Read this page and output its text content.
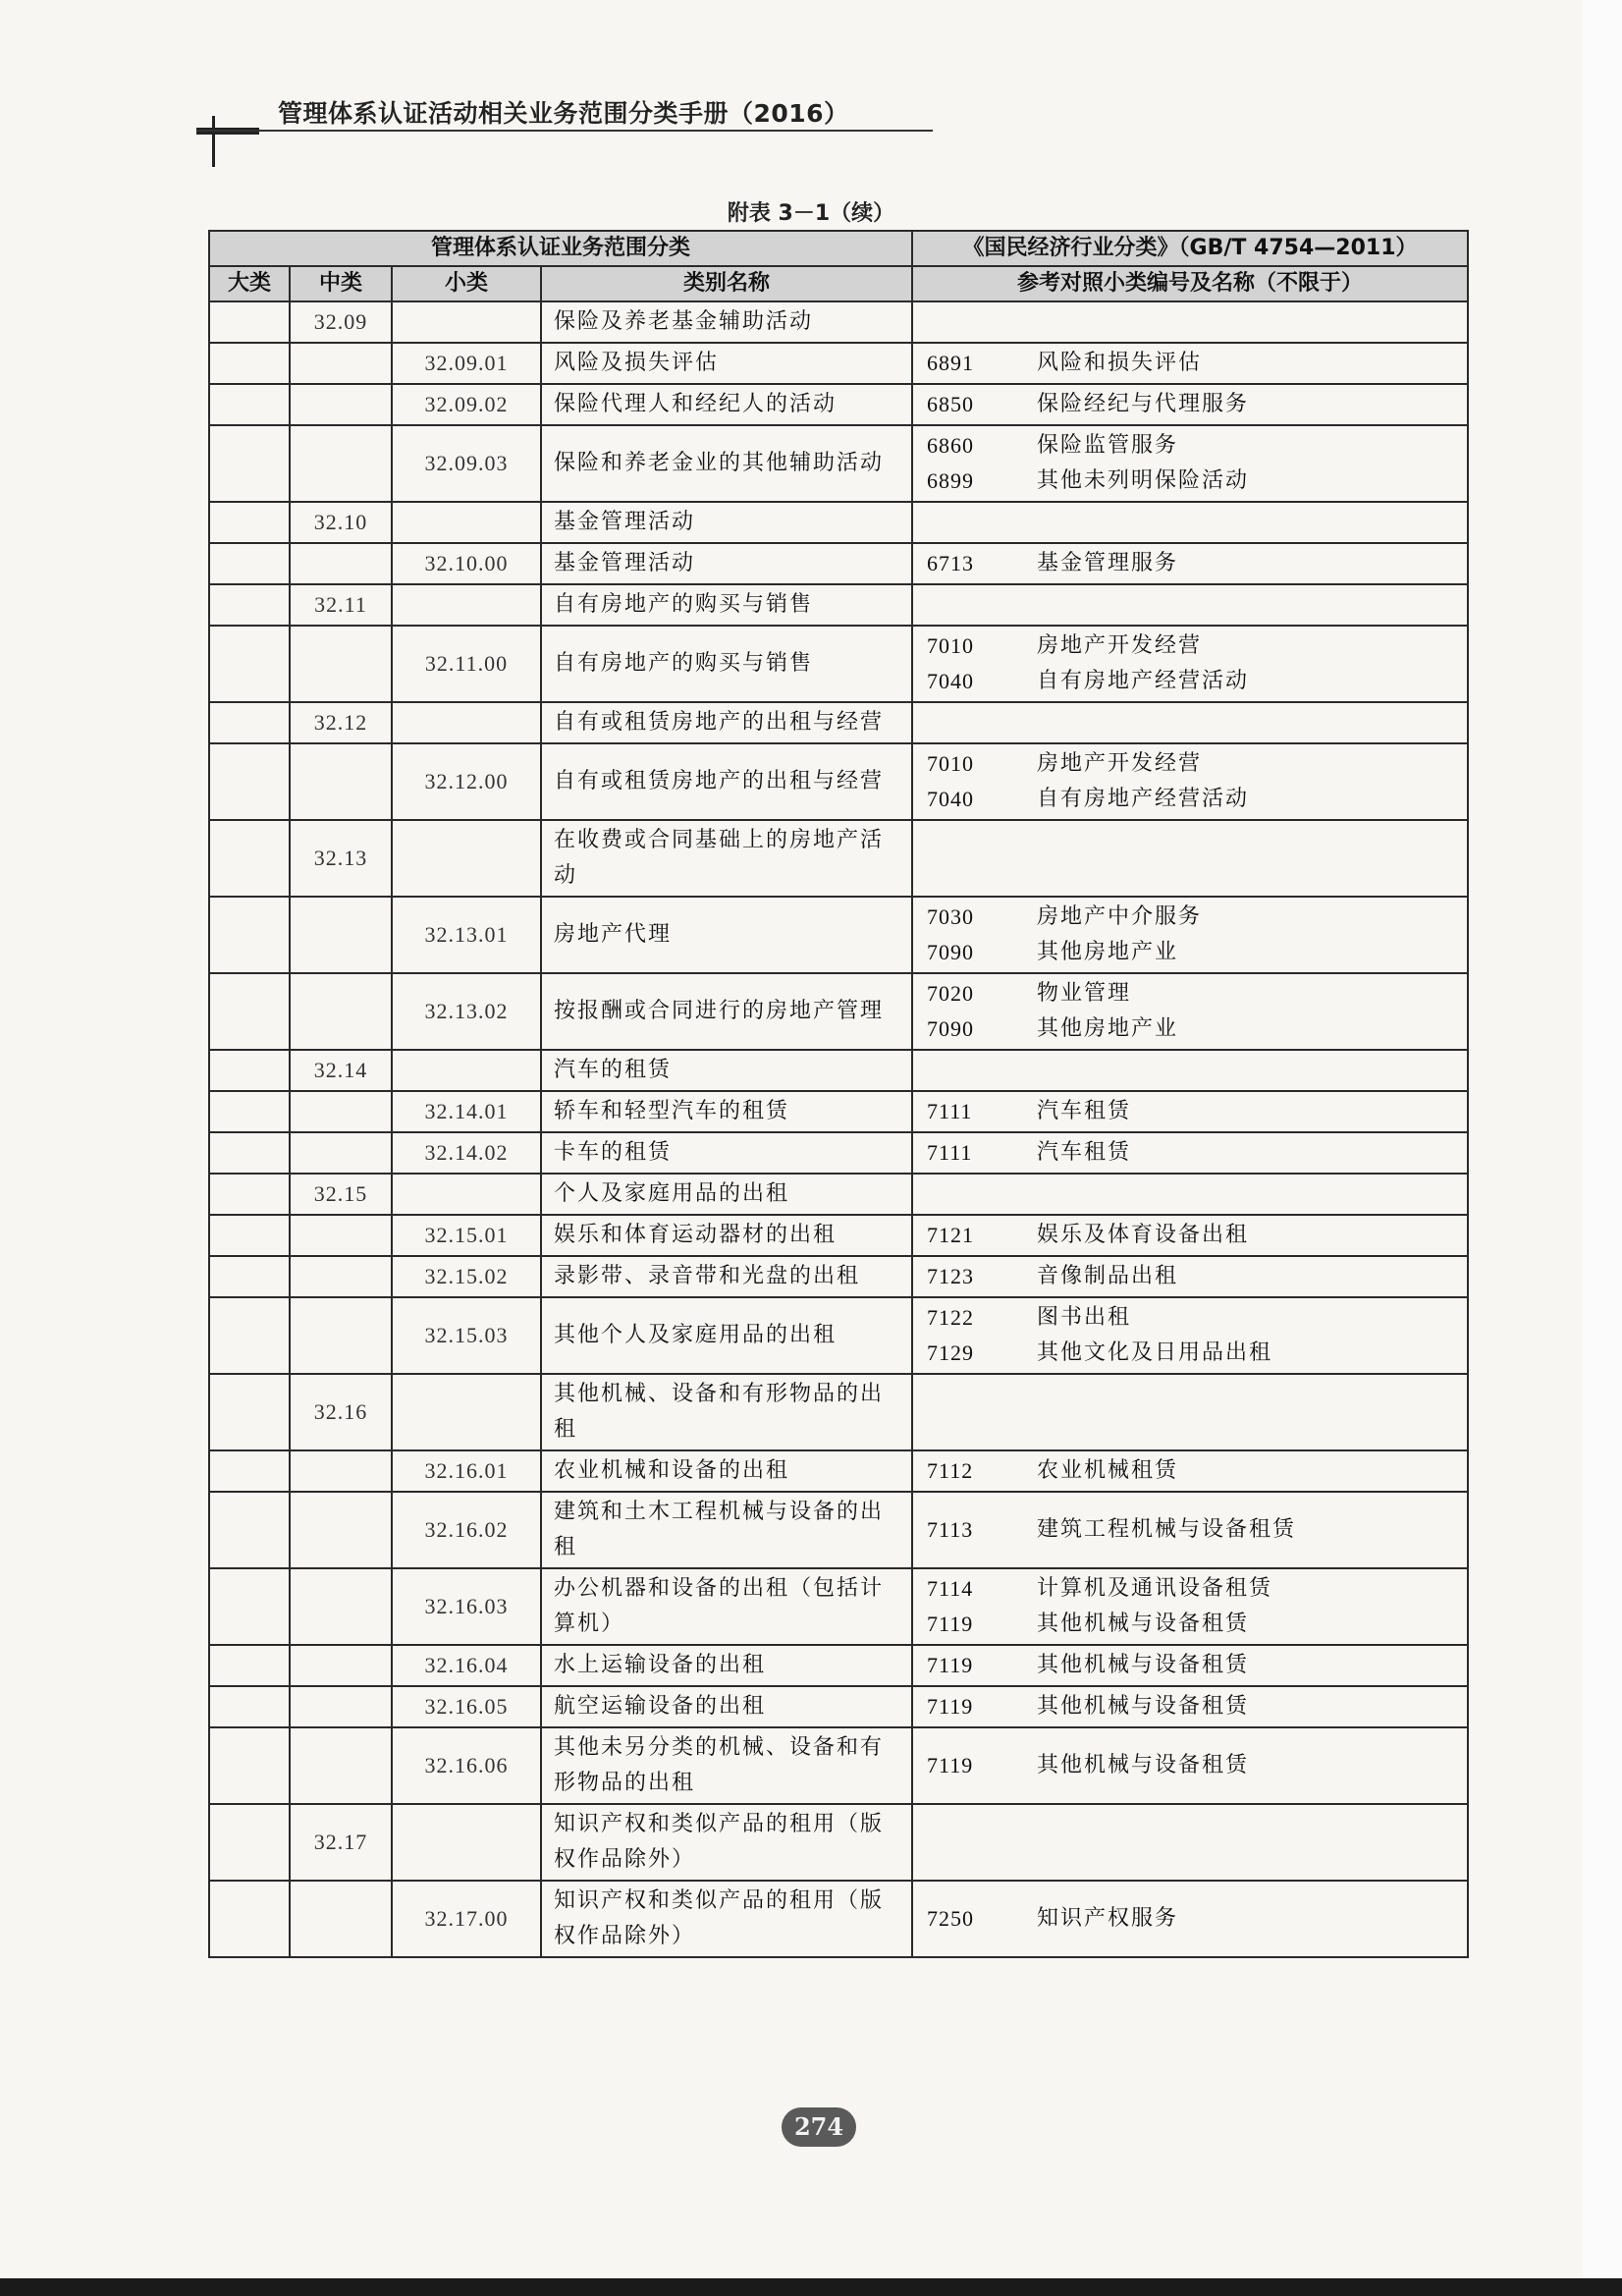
管理体系认证活动相关业务范围分类手册（2016）
附表 3－1（续）
管理体系认证业务范围分类				《国民经济行业分类》（GB/T 4754—2011）
大类	中类	小类	类别名称	参考对照小类编号及名称（不限于）
	32.09		保险及养老基金辅助活动	
		32.09.01	风险及损失评估	6891 风险和损失评估

		32.09.02	保险代理人和经纪人的活动	6850 保险经纪与代理服务

		32.09.03	保险和养老金业的其他辅助活动	6860 保险监管服务
6899 其他未列明保险活动

	32.10		基金管理活动	
		32.10.00	基金管理活动	6713 基金管理服务

	32.11		自有房地产的购买与销售	
		32.11.00	自有房地产的购买与销售	7010 房地产开发经营
7040 自有房地产经营活动

	32.12		自有或租赁房地产的出租与经营	
		32.12.00	自有或租赁房地产的出租与经营	7010 房地产开发经营
7040 自有房地产经营活动

	32.13		在收费或合同基础上的房地产活动	
		32.13.01	房地产代理	7030 房地产中介服务
7090 其他房地产业

		32.13.02	按报酬或合同进行的房地产管理	7020 物业管理
7090 其他房地产业

	32.14		汽车的租赁	
		32.14.01	轿车和轻型汽车的租赁	7111 汽车租赁

		32.14.02	卡车的租赁	7111 汽车租赁

	32.15		个人及家庭用品的出租	
		32.15.01	娱乐和体育运动器材的出租	7121 娱乐及体育设备出租

		32.15.02	录影带、录音带和光盘的出租	7123 音像制品出租

		32.15.03	其他个人及家庭用品的出租	7122 图书出租
7129 其他文化及日用品出租

	32.16		其他机械、设备和有形物品的出租	
		32.16.01	农业机械和设备的出租	7112 农业机械租赁

		32.16.02	建筑和土木工程机械与设备的出租	7113 建筑工程机械与设备租赁

		32.16.03	办公机器和设备的出租（包括计算机）	7114 计算机及通讯设备租赁
7119 其他机械与设备租赁

		32.16.04	水上运输设备的出租	7119 其他机械与设备租赁

		32.16.05	航空运输设备的出租	7119 其他机械与设备租赁

		32.16.06	其他未另分类的机械、设备和有形物品的出租	7119 其他机械与设备租赁

	32.17		知识产权和类似产品的租用（版权作品除外）	
		32.17.00	知识产权和类似产品的租用（版权作品除外）	7250 知识产权服务
274
